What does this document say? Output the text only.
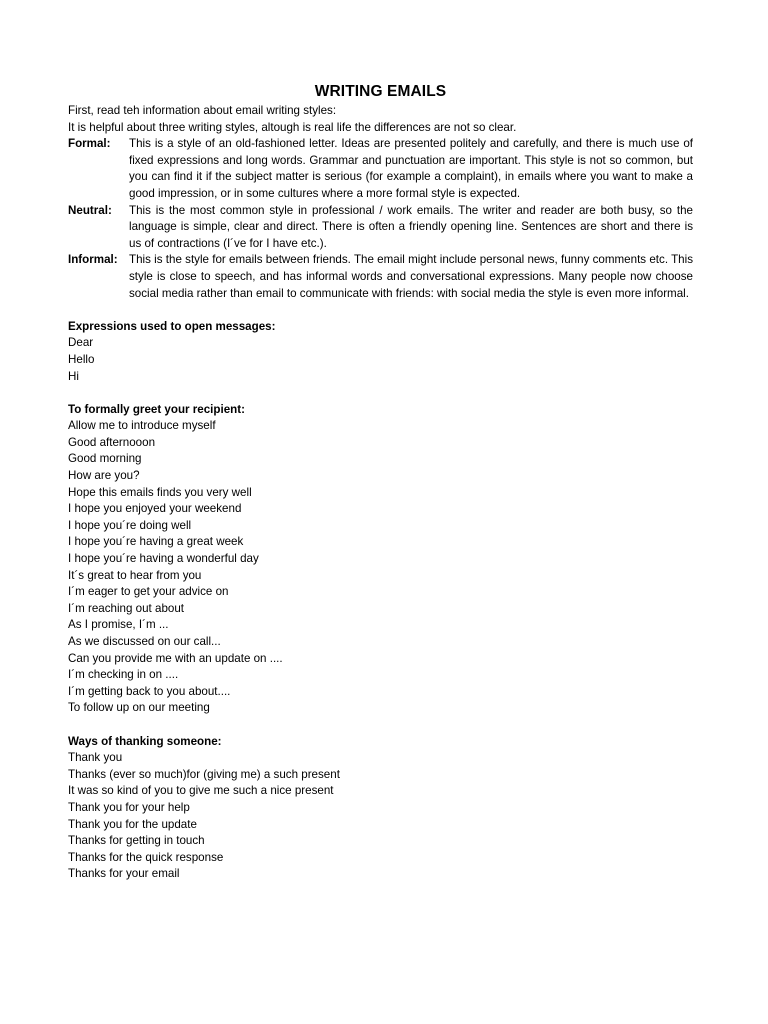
WRITING EMAILS

First, read teh information about email writing styles:

It is helpful about three writing styles, altough is real life the differences are not so clear.

Formal:	This is a style of an old-fashioned letter. Ideas are presented politely and carefully, and there is much use of fixed expressions and long words. Grammar and punctuation are important. This style is not so common, but you can find it if the subject matter is serious (for example a complaint), in emails where you want to make a good impression, or in some cultures where a more formal style is expected.
Neutral:	This is the most common style in professional / work emails. The writer and reader are both busy, so the language is simple, clear and direct. There is often a friendly opening line. Sentences are short and there is us of contractions (I´ve for I have etc.).
Informal: This is the style for emails between friends. The email might include personal news, funny comments etc. This style is close to speech, and has informal words and conversational expressions. Many people now choose social media rather than email to communicate with friends: with social media the style is even more informal.

Expressions used to open messages:

Dear
Hello
Hi

To formally greet your recipient:

Allow me to introduce myself
Good afternooon
Good morning
How are you?
Hope this emails finds you very well
I hope you enjoyed your weekend
I hope you´re doing well
I hope you´re having a great week
I hope you´re having a wonderful day
It´s great to hear from you
I´m eager to get your advice on
I´m reaching out about
As I promise, I´m ...
As we discussed on our call...
Can you provide me with an update on ....
I´m checking in on ....
I´m getting back to you about....
To follow up on our meeting

Ways of thanking someone:

Thank you
Thanks (ever so much)for (giving me) a such present
It was so kind of you to give me such a nice present
Thank you for your help
Thank you for the update
Thanks for getting in touch
Thanks for the quick response
Thanks for your email
